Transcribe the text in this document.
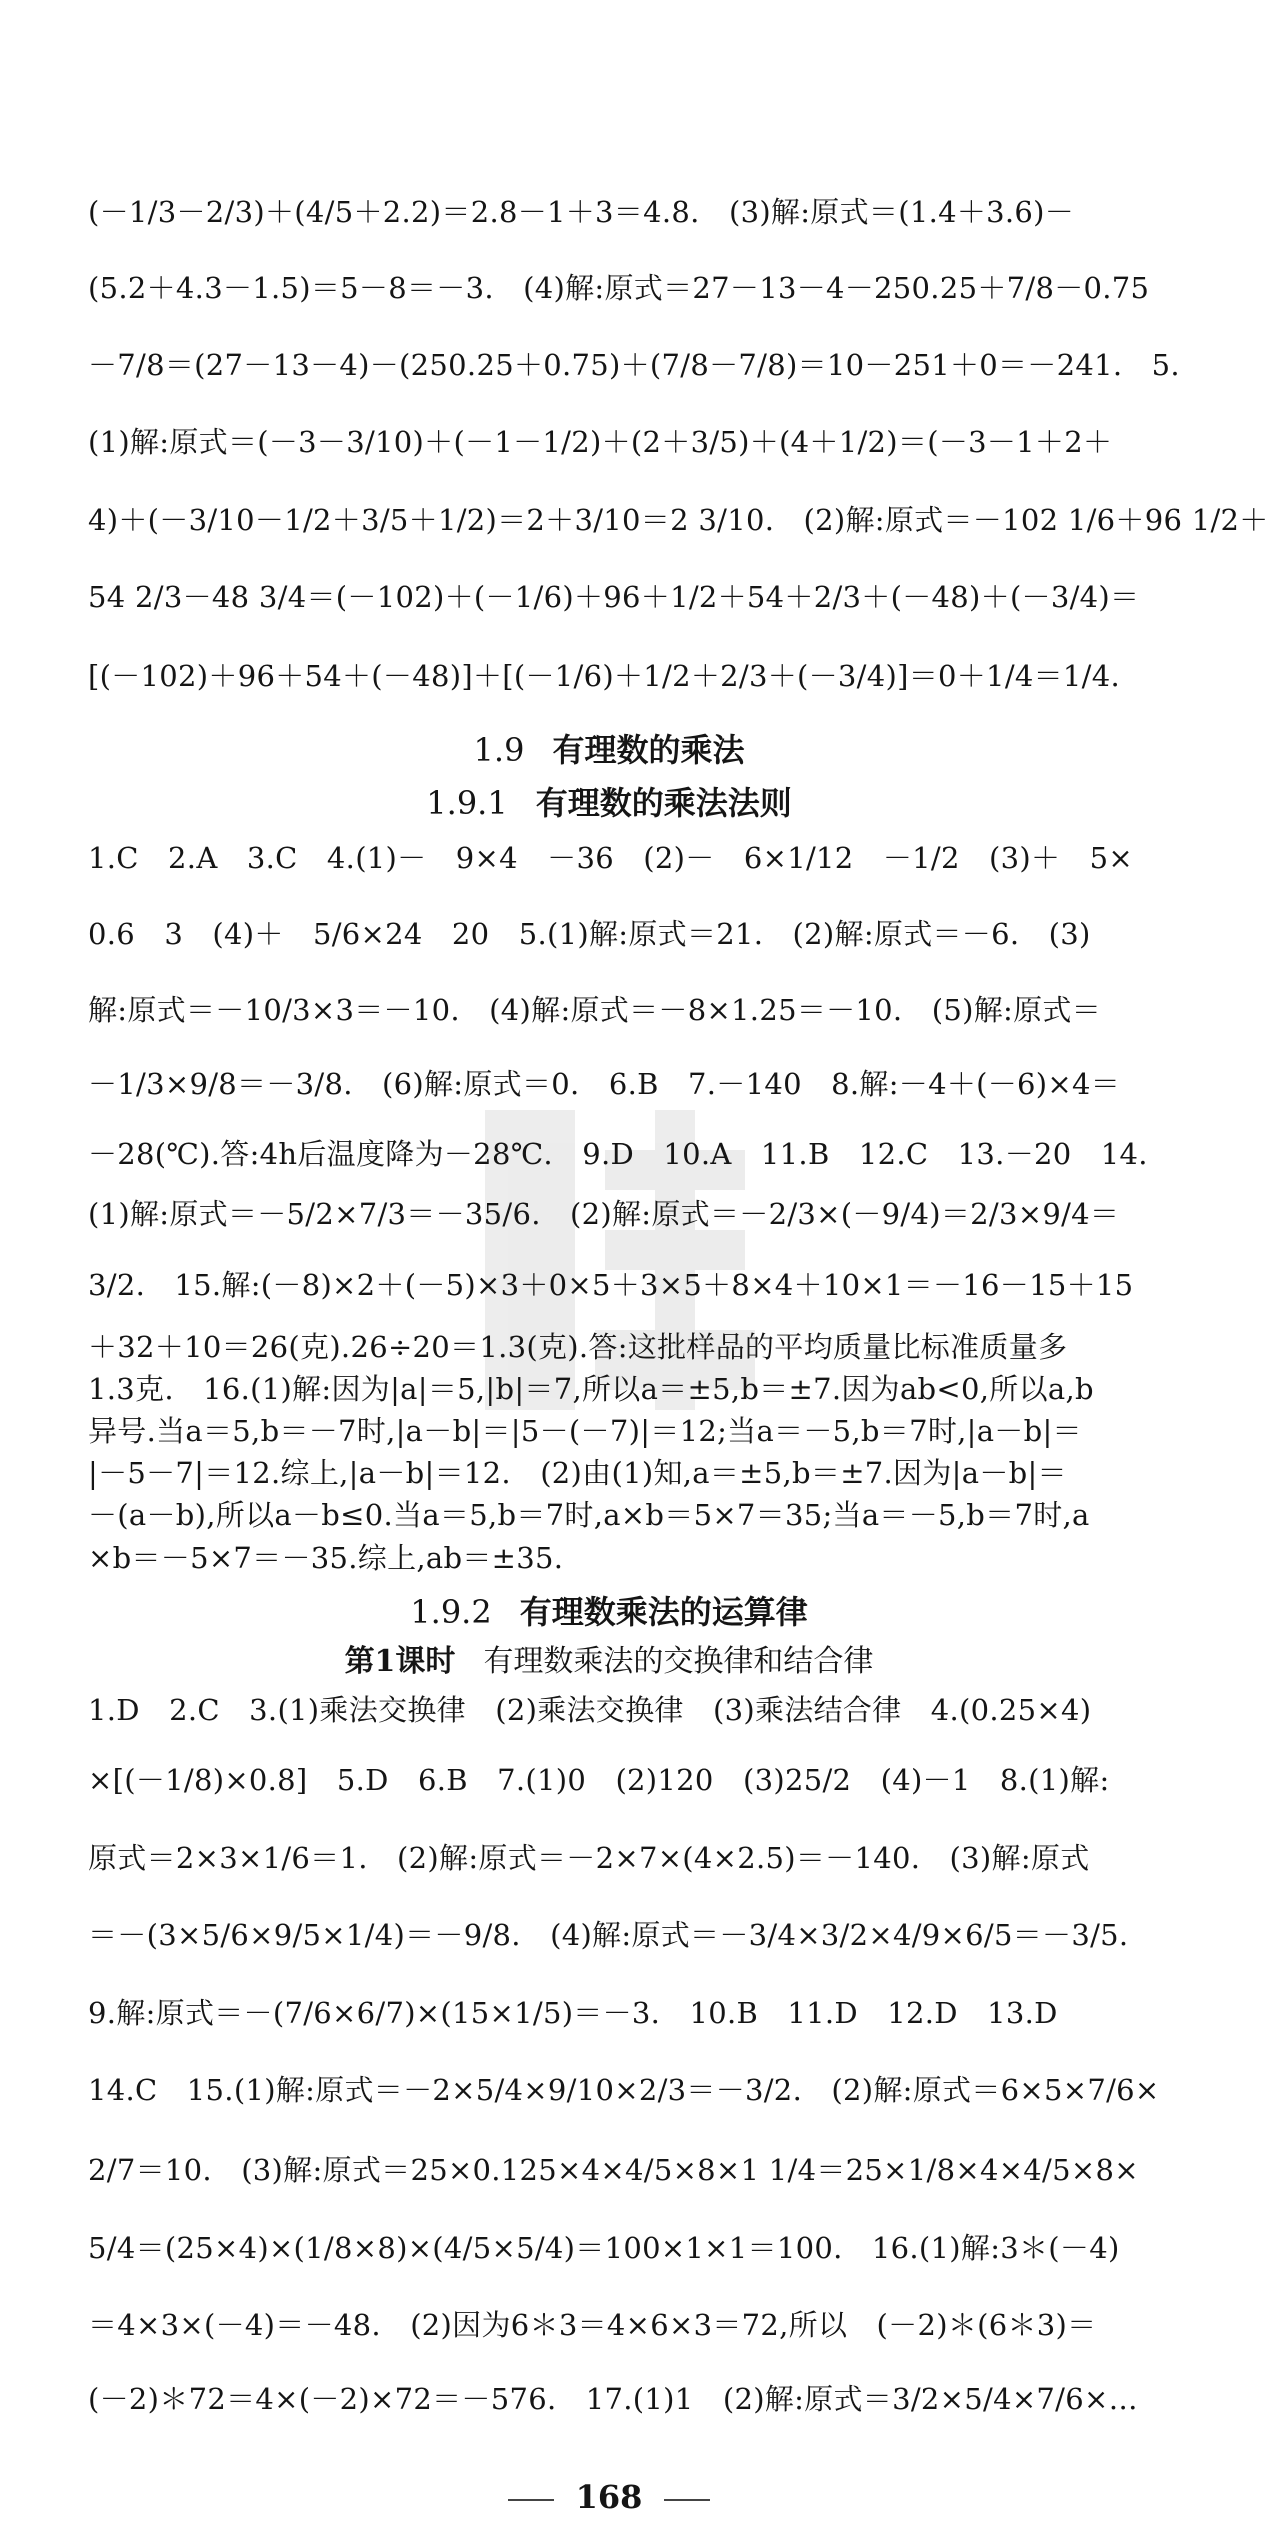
(－1/3－2/3)＋(4/5＋2.2)＝2.8－1＋3＝4.8.　(3)解:原式＝(1.4＋3.6)－
(5.2＋4.3－1.5)＝5－8＝－3.　(4)解:原式＝27－13－4－250.25＋7/8－0.75
－7/8＝(27－13－4)－(250.25＋0.75)＋(7/8－7/8)＝10－251＋0＝－241.　5.
(1)解:原式＝(－3－3/10)＋(－1－1/2)＋(2＋3/5)＋(4＋1/2)＝(－3－1＋2＋
4)＋(－3/10－1/2＋3/5＋1/2)＝2＋3/10＝2 3/10.　(2)解:原式＝－102 1/6＋96 1/2＋
54 2/3－48 3/4＝(－102)＋(－1/6)＋96＋1/2＋54＋2/3＋(－48)＋(－3/4)＝
[(－102)＋96＋54＋(－48)]＋[(－1/6)＋1/2＋2/3＋(－3/4)]＝0＋1/4＝1/4.
1.9 有理数的乘法
1.9.1 有理数的乘法法则
1.C　2.A　3.C　4.(1)－　9×4　－36　(2)－　6×1/12　－1/2　(3)＋　5×
0.6　3　(4)＋　5/6×24　20　5.(1)解:原式＝21.　(2)解:原式＝－6.　(3)
解:原式＝－10/3×3＝－10.　(4)解:原式＝－8×1.25＝－10.　(5)解:原式＝
－1/3×9/8＝－3/8.　(6)解:原式＝0.　6.B　7.－140　8.解:－4＋(－6)×4＝
－28(℃).答:4h后温度降为－28℃.　9.D　10.A　11.B　12.C　13.－20　14.
(1)解:原式＝－5/2×7/3＝－35/6.　(2)解:原式＝－2/3×(－9/4)＝2/3×9/4＝
3/2.　15.解:(－8)×2＋(－5)×3＋0×5＋3×5＋8×4＋10×1＝－16－15＋15
＋32＋10＝26(克).26÷20＝1.3(克).答:这批样品的平均质量比标准质量多
1.3克.　16.(1)解:因为|a|＝5,|b|＝7,所以a＝±5,b＝±7.因为ab<0,所以a,b
异号.当a＝5,b＝－7时,|a－b|＝|5－(－7)|＝12;当a＝－5,b＝7时,|a－b|＝
|－5－7|＝12.综上,|a－b|＝12.　(2)由(1)知,a＝±5,b＝±7.因为|a－b|＝
－(a－b),所以a－b≤0.当a＝5,b＝7时,a×b＝5×7＝35;当a＝－5,b＝7时,a
×b＝－5×7＝－35.综上,ab＝±35.
1.9.2 有理数乘法的运算律
第1课时 有理数乘法的交换律和结合律
1.D　2.C　3.(1)乘法交换律　(2)乘法交换律　(3)乘法结合律　4.(0.25×4)
×[(－1/8)×0.8]　5.D　6.B　7.(1)0　(2)120　(3)25/2　(4)－1　8.(1)解:
原式＝2×3×1/6＝1.　(2)解:原式＝－2×7×(4×2.5)＝－140.　(3)解:原式
＝－(3×5/6×9/5×1/4)＝－9/8.　(4)解:原式＝－3/4×3/2×4/9×6/5＝－3/5.
9.解:原式＝－(7/6×6/7)×(15×1/5)＝－3.　10.B　11.D　12.D　13.D
14.C　15.(1)解:原式＝－2×5/4×9/10×2/3＝－3/2.　(2)解:原式＝6×5×7/6×
2/7＝10.　(3)解:原式＝25×0.125×4×4/5×8×1 1/4＝25×1/8×4×4/5×8×
5/4＝(25×4)×(1/8×8)×(4/5×5/4)＝100×1×1＝100.　16.(1)解:3＊(－4)
＝4×3×(－4)＝－48.　(2)因为6＊3＝4×6×3＝72,所以　(－2)＊(6＊3)＝
(－2)＊72＝4×(－2)×72＝－576.　17.(1)1　(2)解:原式＝3/2×5/4×7/6×…
168
